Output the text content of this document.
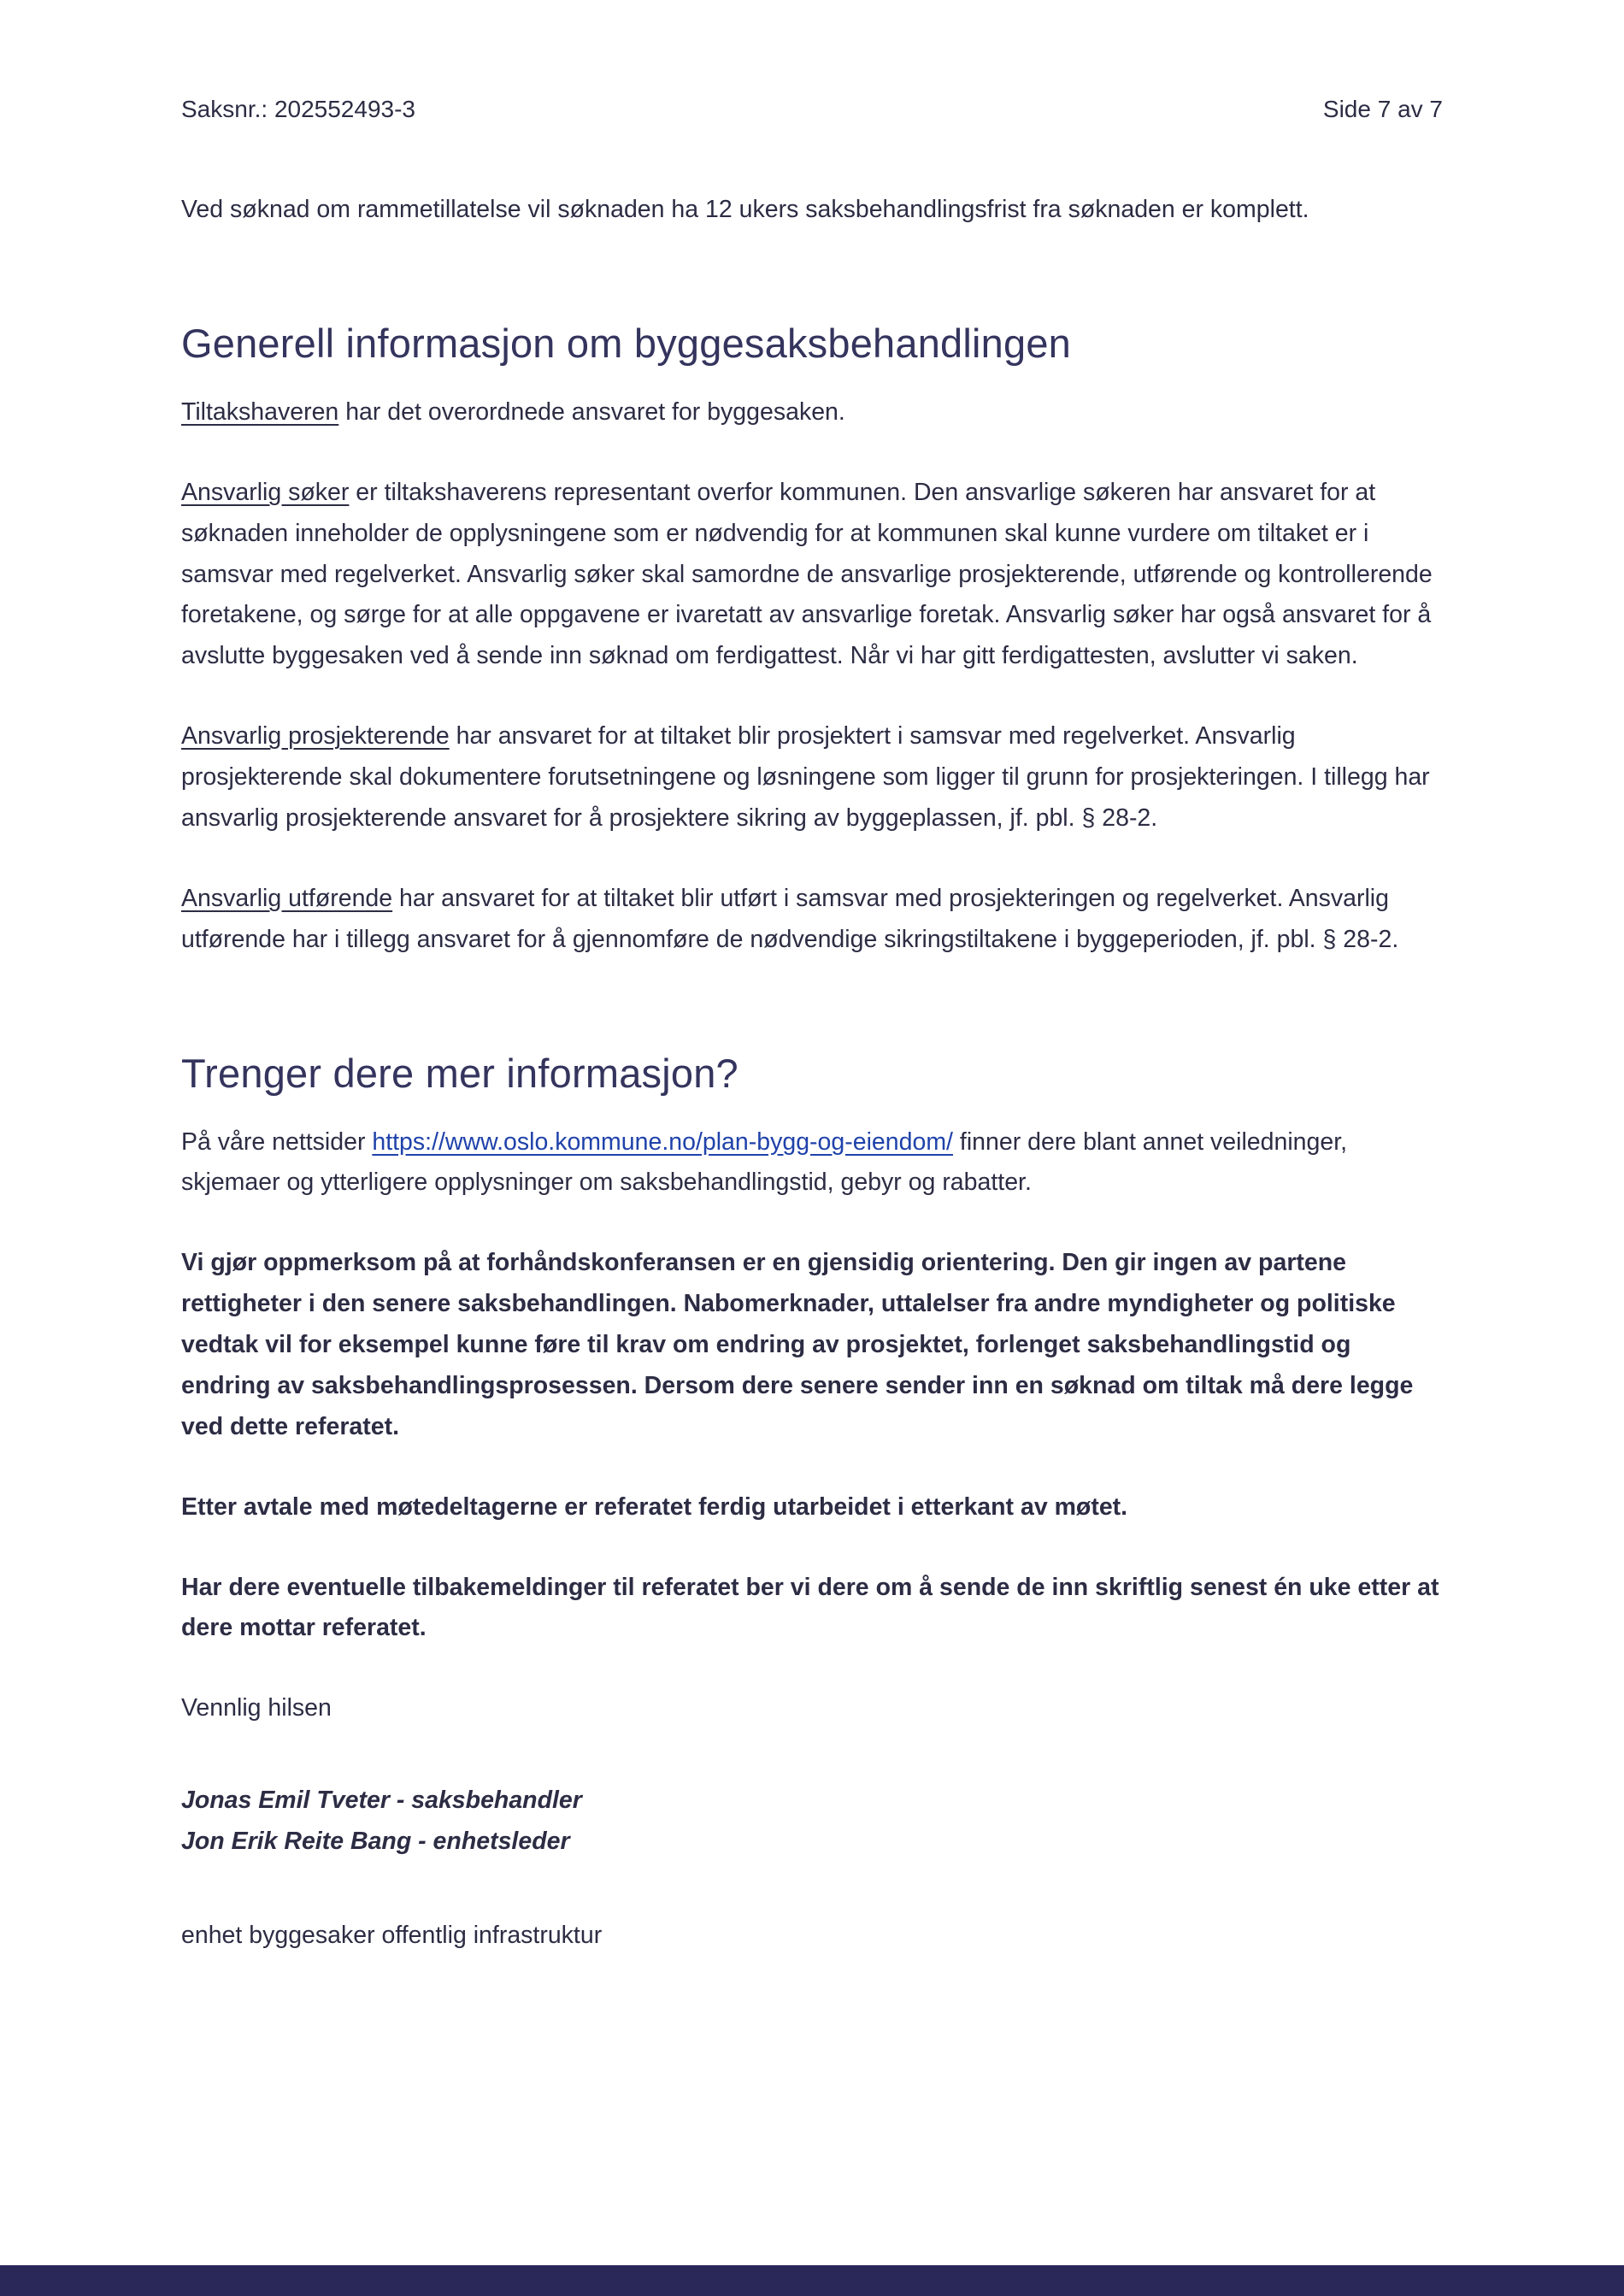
Saksnr.: 202552493-3	Side 7 av 7

Ved søknad om rammetillatelse vil søknaden ha 12 ukers saksbehandlingsfrist fra søknaden er komplett.

Generell informasjon om byggesaksbehandlingen

Tiltakshaveren har det overordnede ansvaret for byggesaken.

Ansvarlig søker er tiltakshaverens representant overfor kommunen. Den ansvarlige søkeren har ansvaret for at søknaden inneholder de opplysningene som er nødvendig for at kommunen skal kunne vurdere om tiltaket er i samsvar med regelverket. Ansvarlig søker skal samordne de ansvarlige prosjekterende, utførende og kontrollerende foretakene, og sørge for at alle oppgavene er ivaretatt av ansvarlige foretak. Ansvarlig søker har også ansvaret for å avslutte byggesaken ved å sende inn søknad om ferdigattest. Når vi har gitt ferdigattesten, avslutter vi saken.

Ansvarlig prosjekterende har ansvaret for at tiltaket blir prosjektert i samsvar med regelverket. Ansvarlig prosjekterende skal dokumentere forutsetningene og løsningene som ligger til grunn for prosjekteringen. I tillegg har ansvarlig prosjekterende ansvaret for å prosjektere sikring av byggeplassen, jf. pbl. § 28-2.

Ansvarlig utførende har ansvaret for at tiltaket blir utført i samsvar med prosjekteringen og regelverket. Ansvarlig utførende har i tillegg ansvaret for å gjennomføre de nødvendige sikringstiltakene i byggeperioden, jf. pbl. § 28-2.

Trenger dere mer informasjon?

På våre nettsider https://www.oslo.kommune.no/plan-bygg-og-eiendom/ finner dere blant annet veiledninger, skjemaer og ytterligere opplysninger om saksbehandlingstid, gebyr og rabatter.

Vi gjør oppmerksom på at forhåndskonferansen er en gjensidig orientering. Den gir ingen av partene rettigheter i den senere saksbehandlingen. Nabomerknader, uttalelser fra andre myndigheter og politiske vedtak vil for eksempel kunne føre til krav om endring av prosjektet, forlenget saksbehandlingstid og endring av saksbehandlingsprosessen. Dersom dere senere sender inn en søknad om tiltak må dere legge ved dette referatet.

Etter avtale med møtedeltagerne er referatet ferdig utarbeidet i etterkant av møtet.

Har dere eventuelle tilbakemeldinger til referatet ber vi dere om å sende de inn skriftlig senest én uke etter at dere mottar referatet.

Vennlig hilsen

Jonas Emil Tveter - saksbehandler
Jon Erik Reite Bang - enhetsleder

enhet byggesaker offentlig infrastruktur
